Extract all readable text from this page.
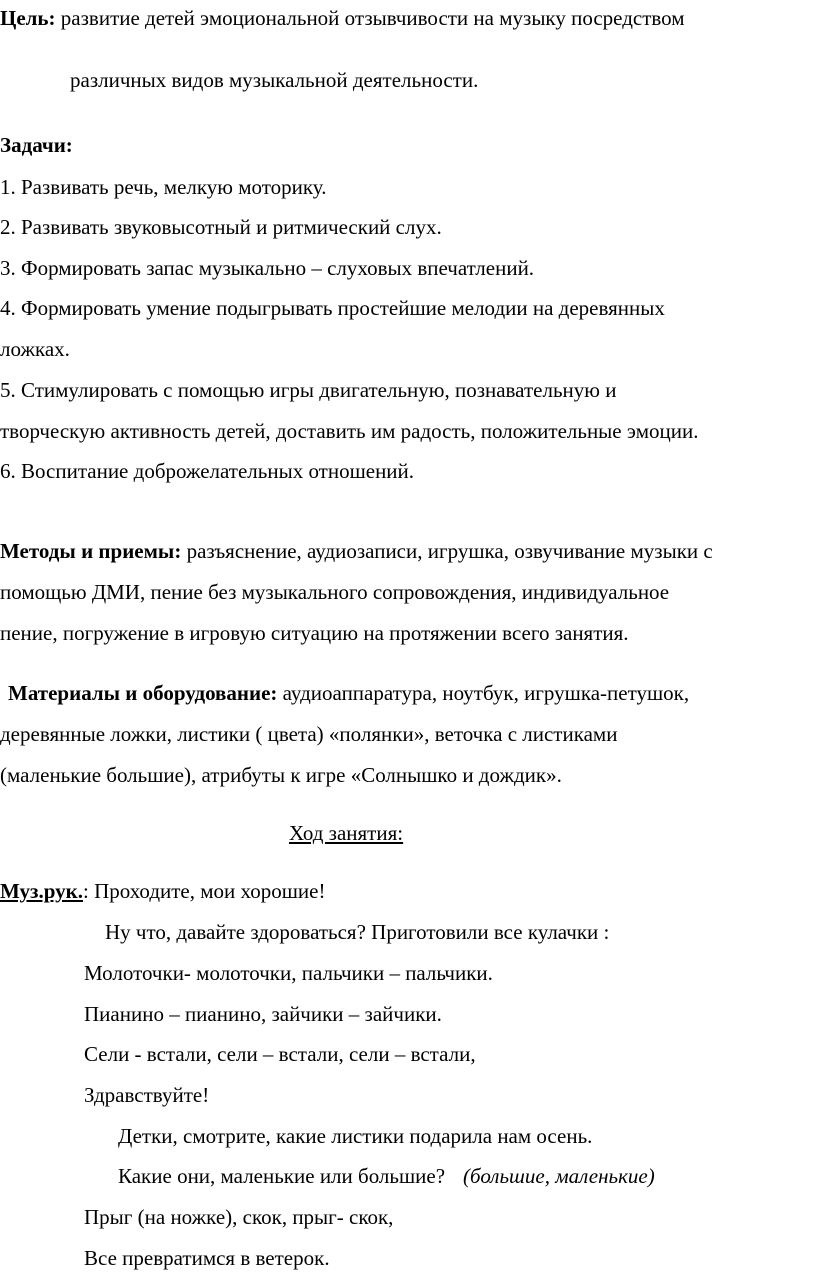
Цель: развитие детей эмоциональной отзывчивости на музыку посредством
различных видов музыкальной деятельности.
Задачи:
1. Развивать речь, мелкую моторику.
2. Развивать звуковысотный и ритмический слух.
3. Формировать запас музыкально – слуховых впечатлений.
4. Формировать умение подыгрывать простейшие мелодии на деревянных
ложках.
5. Стимулировать с помощью игры двигательную, познавательную и
творческую активность детей, доставить им радость, положительные эмоции.
6. Воспитание доброжелательных отношений.
Методы и приемы: разъяснение, аудиозаписи, игрушка, озвучивание музыки с
помощью ДМИ, пение без музыкального сопровождения, индивидуальное
пение, погружение в игровую ситуацию на протяжении всего занятия.
Материалы и оборудование: аудиоаппаратура, ноутбук, игрушка-петушок,
деревянные ложки, листики ( цвета) «полянки», веточка с листиками
(маленькие большие), атрибуты к игре «Солнышко и дождик».
Ход занятия:
Муз.рук.: Проходите, мои хорошие!
Ну что, давайте здороваться? Приготовили все кулачки :
Молоточки- молоточки, пальчики – пальчики.
Пианино – пианино, зайчики – зайчики.
Сели - встали, сели – встали, сели – встали,
Здравствуйте!
Детки, смотрите, какие листики подарила нам осень.
Какие они, маленькие или большие? (большие, маленькие)
Прыг (на ножке), скок, прыг- скок,
Все превратимся в ветерок.
